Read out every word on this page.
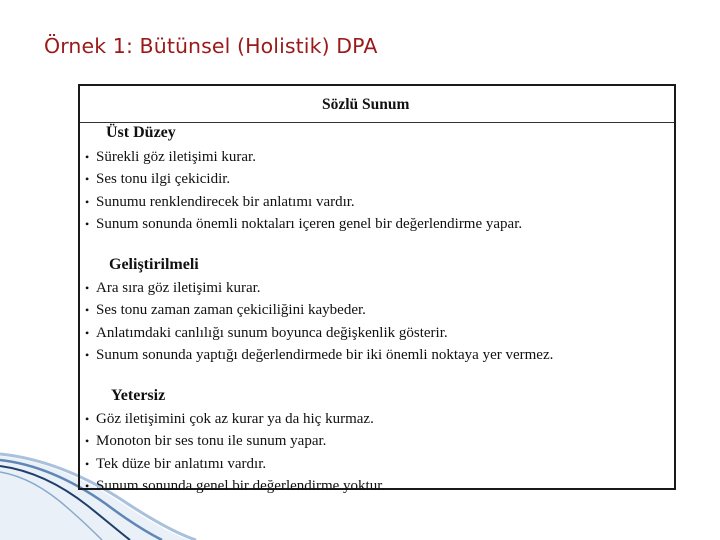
Örnek 1: Bütünsel (Holistik) DPA
Sözlü Sunum
Üst Düzey
• Sürekli göz iletişimi kurar.
• Ses tonu ilgi çekicidir.
• Sunumu renklendirecek bir anlatımı vardır.
• Sunum sonunda önemli noktaları içeren genel bir değerlendirme yapar.
Geliştirilmeli
• Ara sıra göz iletişimi kurar.
• Ses tonu zaman zaman çekiciliğini kaybeder.
• Anlatımdaki canlılığı sunum boyunca değişkenlik gösterir.
• Sunum sonunda yaptığı değerlendirmede bir iki önemli noktaya yer vermez.
Yetersiz
• Göz iletişimini çok az kurar ya da hiç kurmaz.
• Monoton bir ses tonu ile sunum yapar.
• Tek düze bir anlatımı vardır.
• Sunum sonunda genel bir değerlendirme yoktur.
